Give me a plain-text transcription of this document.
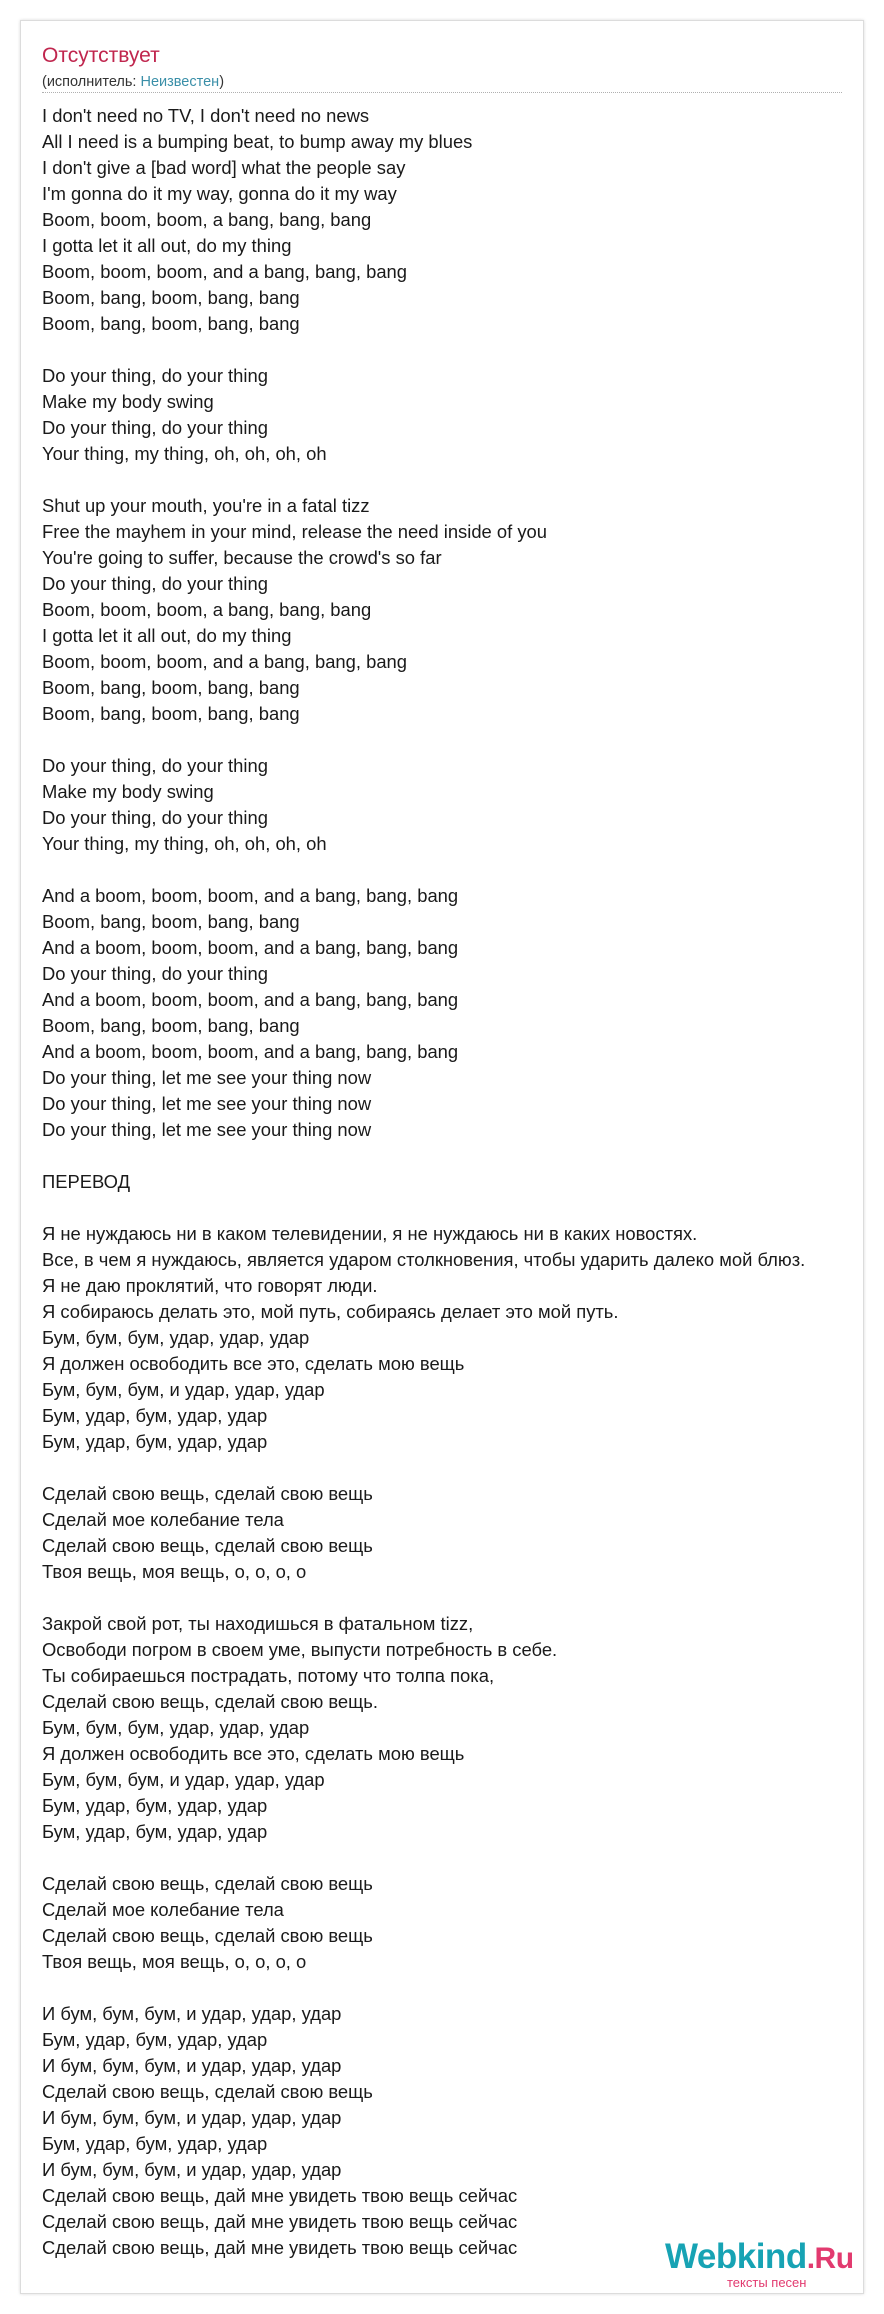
Отсутствует
(исполнитель: Неизвестен)
I don't need no TV, I don't need no news
All I need is a bumping beat, to bump away my blues
I don't give a [bad word] what the people say
I'm gonna do it my way, gonna do it my way
Boom, boom, boom, a bang, bang, bang
I gotta let it all out, do my thing
Boom, boom, boom, and a bang, bang, bang
Boom, bang, boom, bang, bang
Boom, bang, boom, bang, bang
Do your thing, do your thing
Make my body swing
Do your thing, do your thing
Your thing, my thing, oh, oh, oh, oh
Shut up your mouth, you're in a fatal tizz
Free the mayhem in your mind, release the need inside of you
You're going to suffer, because the crowd's so far
Do your thing, do your thing
Boom, boom, boom, a bang, bang, bang
I gotta let it all out, do my thing
Boom, boom, boom, and a bang, bang, bang
Boom, bang, boom, bang, bang
Boom, bang, boom, bang, bang
Do your thing, do your thing
Make my body swing
Do your thing, do your thing
Your thing, my thing, oh, oh, oh, oh
And a boom, boom, boom, and a bang, bang, bang
Boom, bang, boom, bang, bang
And a boom, boom, boom, and a bang, bang, bang
Do your thing, do your thing
And a boom, boom, boom, and a bang, bang, bang
Boom, bang, boom, bang, bang
And a boom, boom, boom, and a bang, bang, bang
Do your thing, let me see your thing now
Do your thing, let me see your thing now
Do your thing, let me see your thing now
ПЕРЕВОД
Я не нуждаюсь ни в каком телевидении, я не нуждаюсь ни в каких новостях.
Все, в чем я нуждаюсь, является ударом столкновения, чтобы ударить далеко мой блюз.
Я не даю проклятий, что говорят люди.
Я собираюсь делать это, мой путь, собираясь делает это мой путь.
Бум, бум, бум, удар, удар, удар
Я должен освободить все это, сделать мою вещь
Бум, бум, бум, и удар, удар, удар
Бум, удар, бум, удар, удар
Бум, удар, бум, удар, удар
Сделай свою вещь, сделай свою вещь
Сделай мое колебание тела
Сделай свою вещь, сделай свою вещь
Твоя вещь, моя вещь, о, о, о, о
Закрой свой рот, ты находишься в фатальном tizz,
Освободи погром в своем уме, выпусти потребность в себе.
Ты собираешься пострадать, потому что толпа пока,
Сделай свою вещь, сделай свою вещь.
Бум, бум, бум, удар, удар, удар
Я должен освободить все это, сделать мою вещь
Бум, бум, бум, и удар, удар, удар
Бум, удар, бум, удар, удар
Бум, удар, бум, удар, удар
Сделай свою вещь, сделай свою вещь
Сделай мое колебание тела
Сделай свою вещь, сделай свою вещь
Твоя вещь, моя вещь, о, о, о, о
И бум, бум, бум, и удар, удар, удар
Бум, удар, бум, удар, удар
И бум, бум, бум, и удар, удар, удар
Сделай свою вещь, сделай свою вещь
И бум, бум, бум, и удар, удар, удар
Бум, удар, бум, удар, удар
И бум, бум, бум, и удар, удар, удар
Сделай свою вещь, дай мне увидеть твою вещь сейчас
Сделай свою вещь, дай мне увидеть твою вещь сейчас
Сделай свою вещь, дай мне увидеть твою вещь сейчас	Webkind.Ru
тексты песен
